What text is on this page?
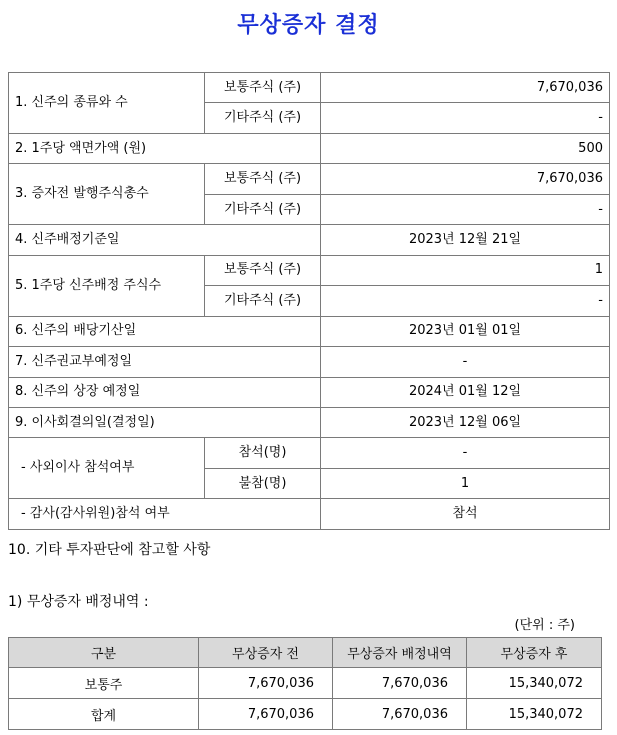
무상증자 결정
1. 신주의 종류와 수	보통주식 (주)	7,670,036
	기타주식 (주)	-
2. 1주당 액면가액 (원)		500
3. 증자전 발행주식총수	보통주식 (주)	7,670,036
	기타주식 (주)	-
4. 신주배정기준일		2023년 12월 21일
5. 1주당 신주배정 주식수	보통주식 (주)	1
	기타주식 (주)	-
6. 신주의 배당기산일		2023년 01월 01일
7. 신주권교부예정일		-
8. 신주의 상장 예정일		2024년 01월 12일
9. 이사회결의일(결정일)		2023년 12월 06일
- 사외이사 참석여부	참석(명)	-
	불참(명)	1
- 감사(감사위원)참석 여부		참석
10. 기타 투자판단에 참고할 사항
1) 무상증자 배정내역 :
(단위 : 주)
구분	무상증자 전	무상증자 배정내역	무상증자 후
보통주	7,670,036	7,670,036	15,340,072
합계	7,670,036	7,670,036	15,340,072
